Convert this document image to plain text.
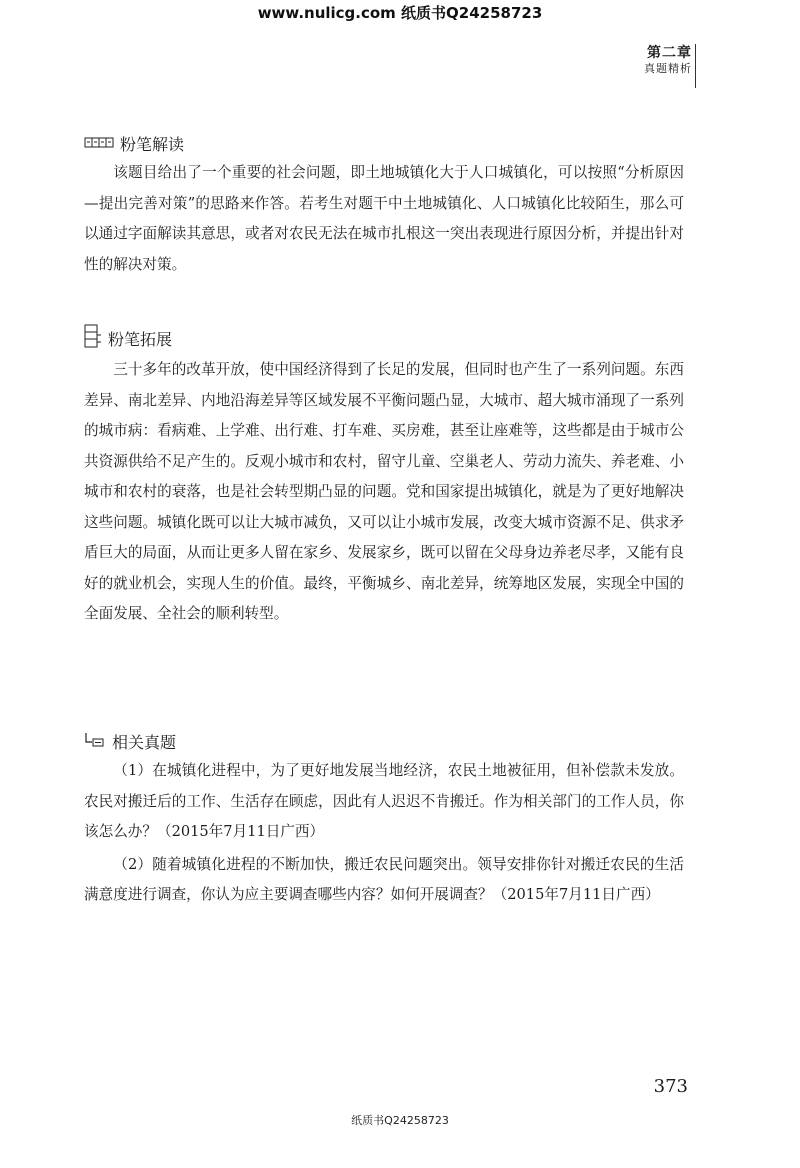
www.nulicg.com 纸质书Q24258723
第二章
真题精析
粉笔解读

该题目给出了一个重要的社会问题，即土地城镇化大于人口城镇化，可以按照“分析原因—提出完善对策”的思路来作答。若考生对题干中土地城镇化、人口城镇化比较陌生，那么可以通过字面解读其意思，或者对农民无法在城市扎根这一突出表现进行原因分析，并提出针对性的解决对策。

粉笔拓展

三十多年的改革开放，使中国经济得到了长足的发展，但同时也产生了一系列问题。东西差异、南北差异、内地沿海差异等区域发展不平衡问题凸显，大城市、超大城市涌现了一系列的城市病：看病难、上学难、出行难、打车难、买房难，甚至让座难等，这些都是由于城市公共资源供给不足产生的。反观小城市和农村，留守儿童、空巢老人、劳动力流失、养老难、小城市和农村的衰落，也是社会转型期凸显的问题。党和国家提出城镇化，就是为了更好地解决这些问题。城镇化既可以让大城市减负，又可以让小城市发展，改变大城市资源不足、供求矛盾巨大的局面，从而让更多人留在家乡、发展家乡，既可以留在父母身边养老尽孝，又能有良好的就业机会，实现人生的价值。最终，平衡城乡、南北差异，统筹地区发展，实现全中国的全面发展、全社会的顺利转型。

相关真题

（1）在城镇化进程中，为了更好地发展当地经济，农民土地被征用，但补偿款未发放。农民对搬迁后的工作、生活存在顾虑，因此有人迟迟不肯搬迁。作为相关部门的工作人员，你该怎么办？（2015年7月11日广西）

（2）随着城镇化进程的不断加快，搬迁农民问题突出。领导安排你针对搬迁农民的生活满意度进行调查，你认为应主要调查哪些内容？如何开展调查？（2015年7月11日广西）

373
纸质书Q24258723
